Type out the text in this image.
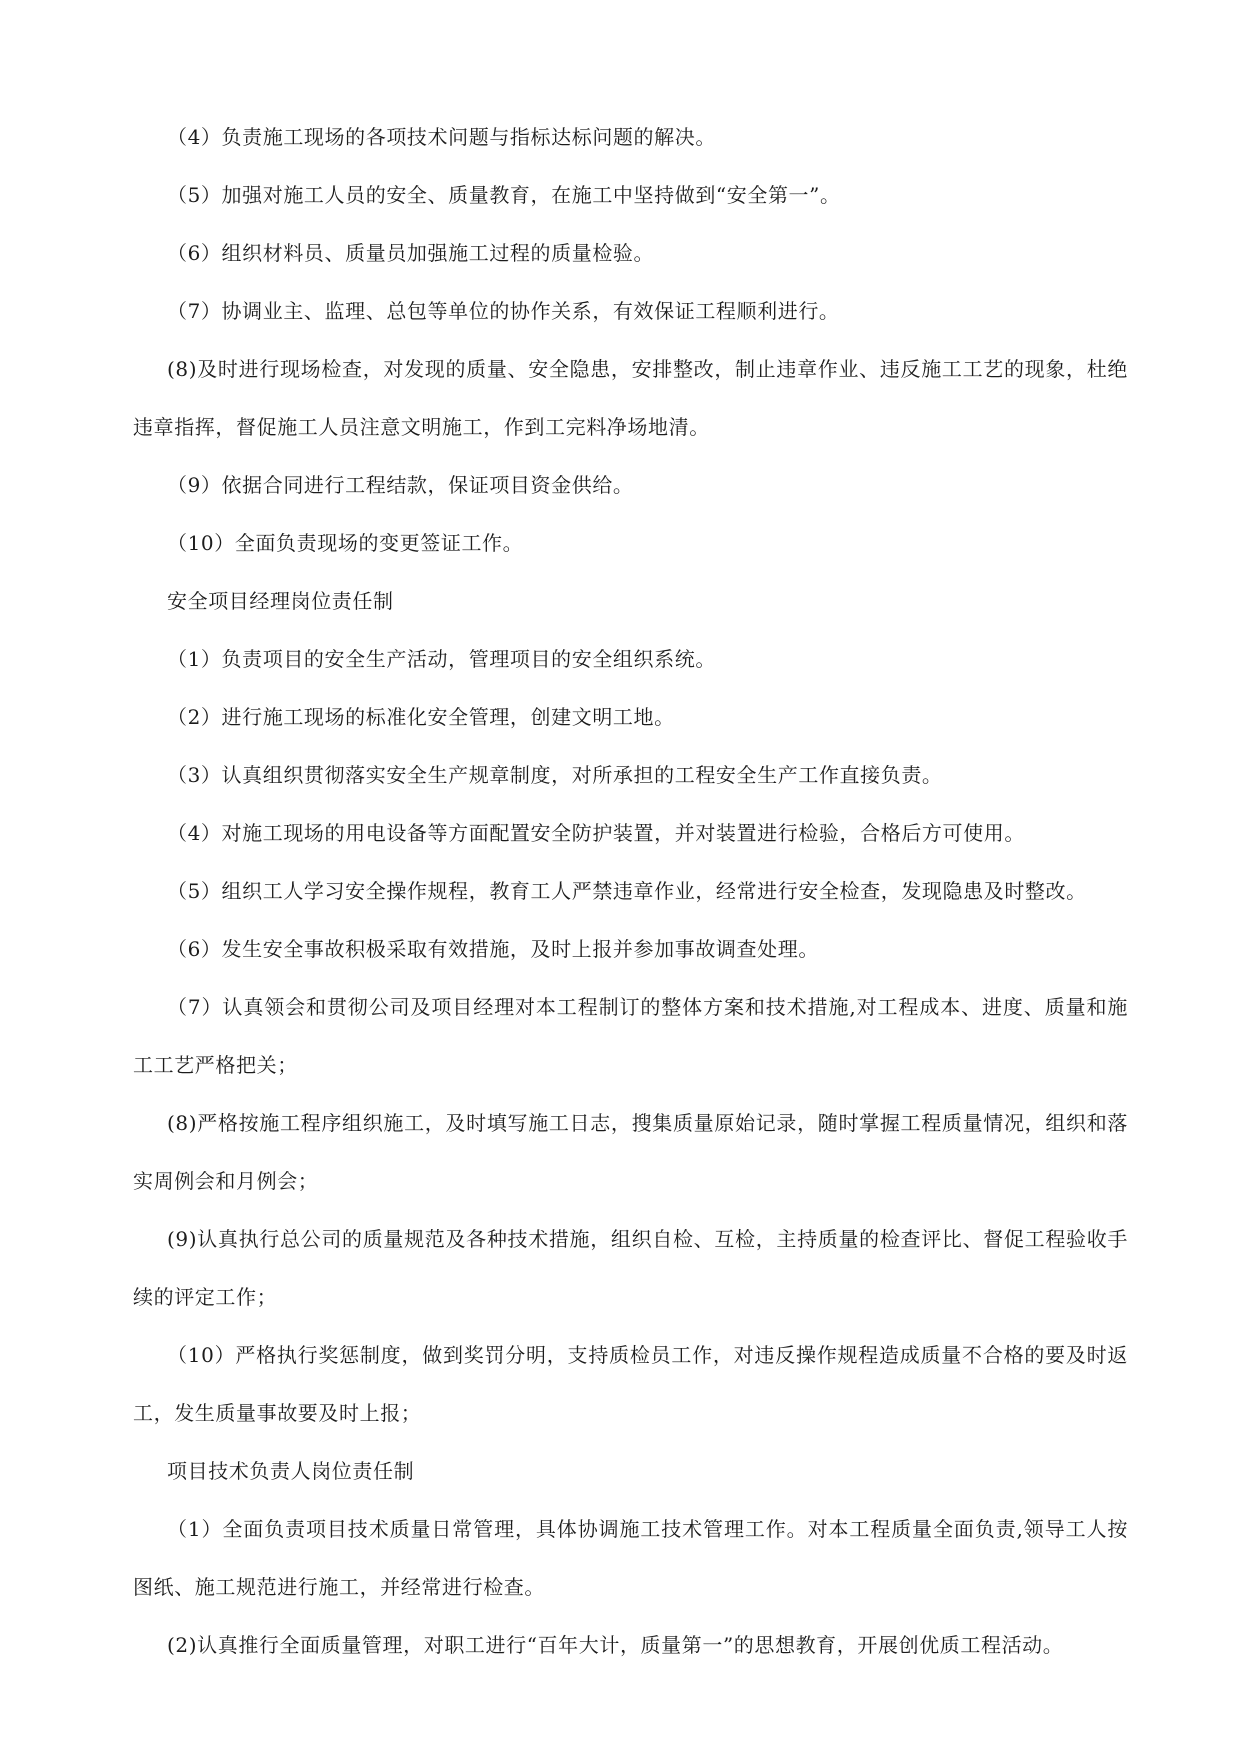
（4）负责施工现场的各项技术问题与指标达标问题的解决。

（5）加强对施工人员的安全、质量教育，在施工中坚持做到“安全第一”。

（6）组织材料员、质量员加强施工过程的质量检验。

（7）协调业主、监理、总包等单位的协作关系，有效保证工程顺利进行。

(8)及时进行现场检查，对发现的质量、安全隐患，安排整改，制止违章作业、违反施工工艺的现象，杜绝违章指挥，督促施工人员注意文明施工，作到工完料净场地清。

（9）依据合同进行工程结款，保证项目资金供给。

（10）全面负责现场的变更签证工作。

安全项目经理岗位责任制

（1）负责项目的安全生产活动，管理项目的安全组织系统。

（2）进行施工现场的标准化安全管理，创建文明工地。

（3）认真组织贯彻落实安全生产规章制度，对所承担的工程安全生产工作直接负责。

（4）对施工现场的用电设备等方面配置安全防护装置，并对装置进行检验，合格后方可使用。

（5）组织工人学习安全操作规程，教育工人严禁违章作业，经常进行安全检查，发现隐患及时整改。

（6）发生安全事故积极采取有效措施，及时上报并参加事故调查处理。

（7）认真领会和贯彻公司及项目经理对本工程制订的整体方案和技术措施,对工程成本、进度、质量和施工工艺严格把关；

(8)严格按施工程序组织施工，及时填写施工日志，搜集质量原始记录，随时掌握工程质量情况，组织和落实周例会和月例会；

(9)认真执行总公司的质量规范及各种技术措施，组织自检、互检，主持质量的检查评比、督促工程验收手续的评定工作；

（10）严格执行奖惩制度，做到奖罚分明，支持质检员工作，对违反操作规程造成质量不合格的要及时返工，发生质量事故要及时上报；

项目技术负责人岗位责任制

（1）全面负责项目技术质量日常管理，具体协调施工技术管理工作。对本工程质量全面负责,领导工人按图纸、施工规范进行施工，并经常进行检查。

(2)认真推行全面质量管理，对职工进行“百年大计，质量第一”的思想教育，开展创优质工程活动。
